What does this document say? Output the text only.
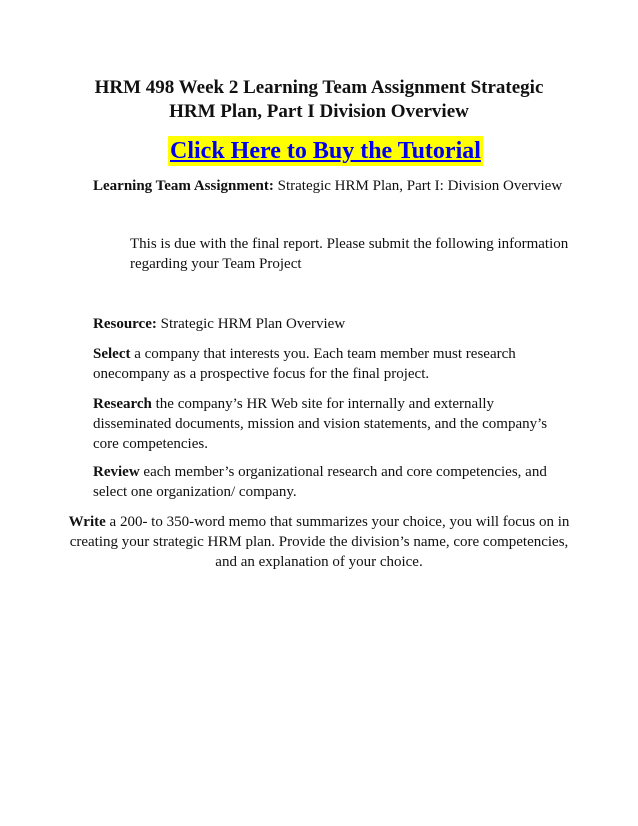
HRM 498 Week 2 Learning Team Assignment Strategic
HRM Plan, Part I Division Overview
Click Here to Buy the Tutorial

Learning Team Assignment: Strategic HRM Plan, Part I: Division Overview

This is due with the final report. Please submit the following information regarding your Team Project

Resource: Strategic HRM Plan Overview

Select a company that interests you. Each team member must research onecompany as a prospective focus for the final project.

Research the company’s HR Web site for internally and externally disseminated documents, mission and vision statements, and the company’s core competencies.

Review each member’s organizational research and core competencies, and select one organization/ company.

Write a 200- to 350-word memo that summarizes your choice, you will focus on in creating your strategic HRM plan. Provide the division’s name, core competencies, and an explanation of your choice.
